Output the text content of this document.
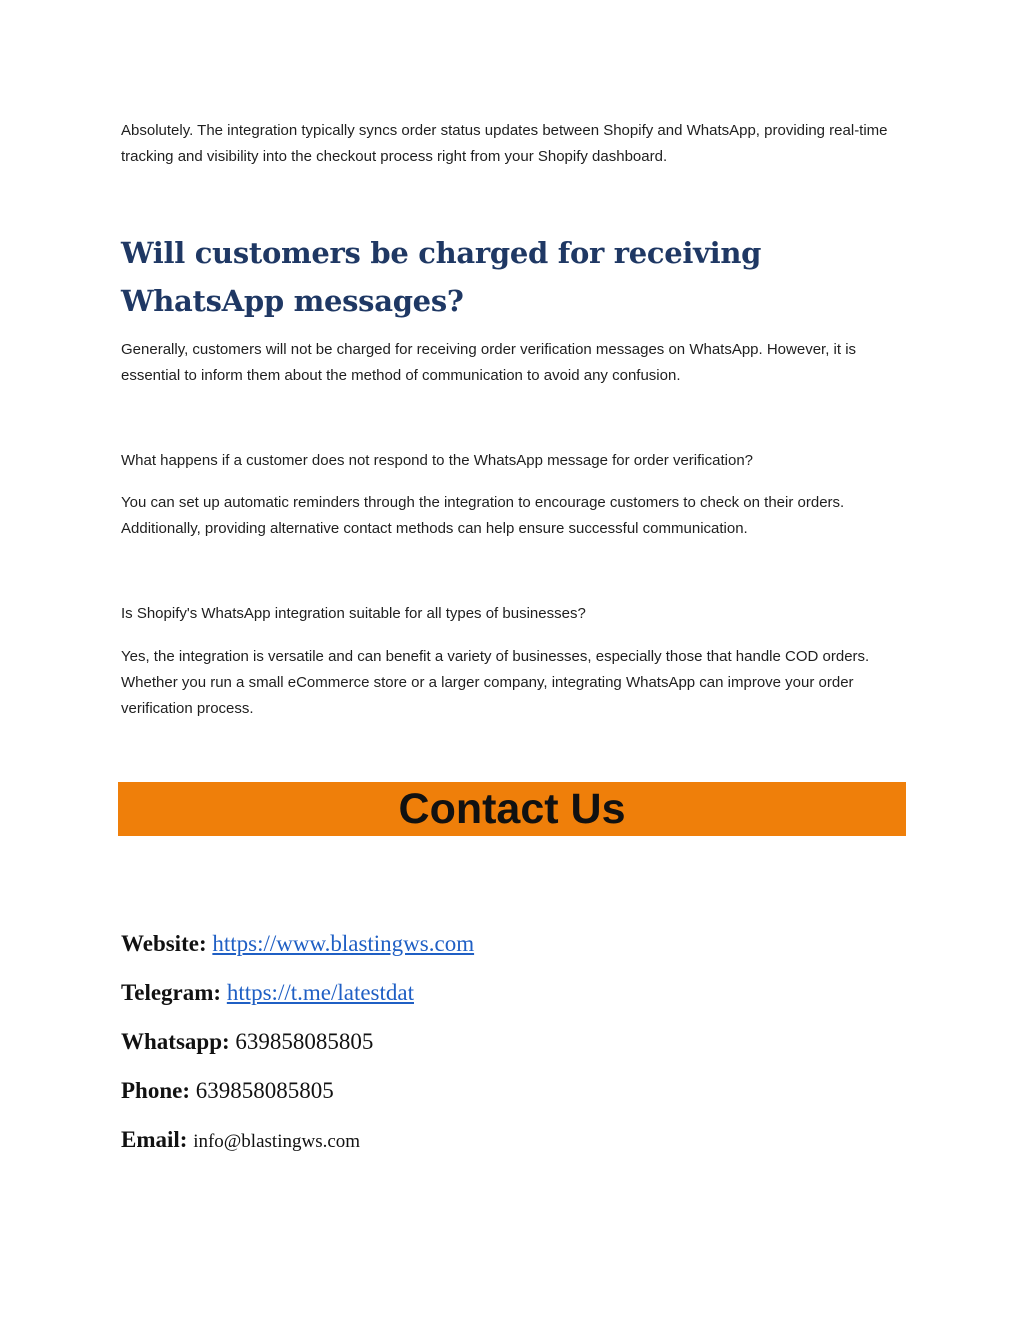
Absolutely. The integration typically syncs order status updates between Shopify and WhatsApp, providing real-time tracking and visibility into the checkout process right from your Shopify dashboard.

Will customers be charged for receiving WhatsApp messages?

Generally, customers will not be charged for receiving order verification messages on WhatsApp. However, it is essential to inform them about the method of communication to avoid any confusion.

What happens if a customer does not respond to the WhatsApp message for order verification?

You can set up automatic reminders through the integration to encourage customers to check on their orders. Additionally, providing alternative contact methods can help ensure successful communication.

Is Shopify's WhatsApp integration suitable for all types of businesses?

Yes, the integration is versatile and can benefit a variety of businesses, especially those that handle COD orders. Whether you run a small eCommerce store or a larger company, integrating WhatsApp can improve your order verification process.

Contact Us

Website: https://www.blastingws.com

Telegram: https://t.me/latestdat

Whatsapp: 639858085805

Phone: 639858085805

Email: info@blastingws.com
